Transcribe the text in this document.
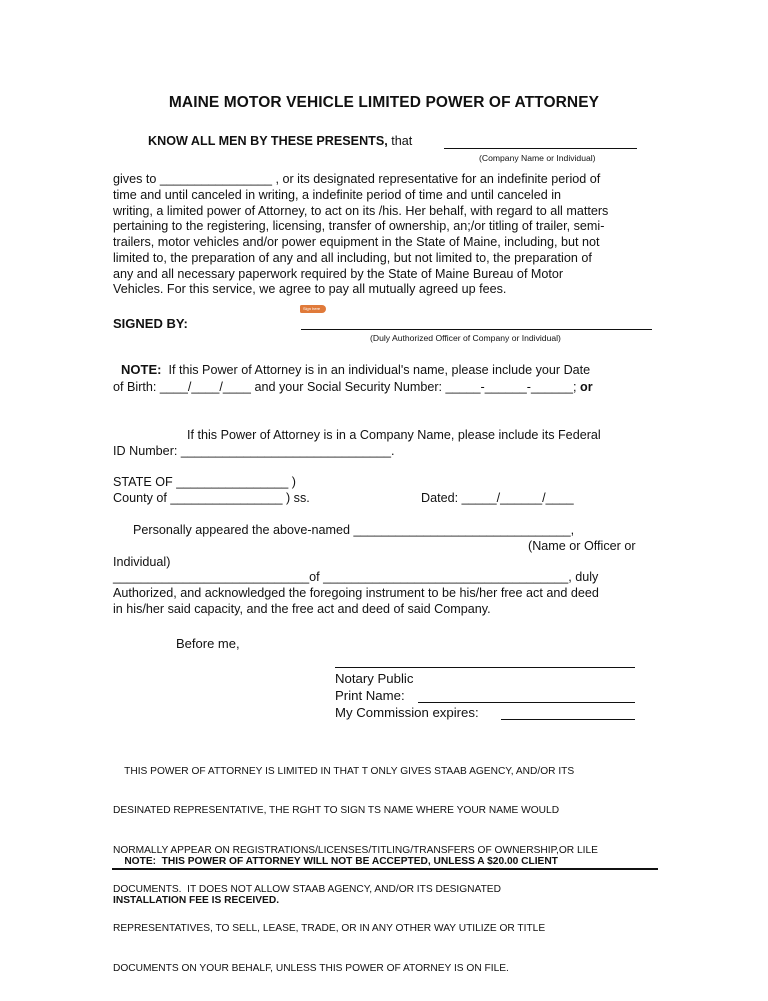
MAINE MOTOR VEHICLE LIMITED POWER OF ATTORNEY
KNOW ALL MEN BY THESE PRESENTS, that
(Company Name or Individual)
gives to ________________ , or its designated representative for an indefinite period of
time and until canceled in writing, a indefinite period of time and until canceled in
writing, a limited power of Attorney, to act on its /his. Her behalf, with regard to all matters
pertaining to the registering, licensing, transfer of ownership, an;/or titling of trailer, semi-
trailers, motor vehicles and/or power equipment in the State of Maine, including, but not
limited to, the preparation of any and all including, but not limited to, the preparation of
any and all necessary paperwork required by the State of Maine Bureau of Motor
Vehicles. For this service, we agree to pay all mutually agreed up fees.
SIGNED BY:
Sign here
(Duly Authorized Officer of Company or Individual)
NOTE: If this Power of Attorney is in an individual's name, please include your Date
of Birth: ____/____/____ and your Social Security Number: _____-______-______; or
If this Power of Attorney is in a Company Name, please include its Federal
ID Number: ______________________________.
STATE OF ________________ )
County of ________________ ) ss.	Dated: _____/______/____
Personally appeared the above-named _______________________________,
(Name or Officer or
Individual)
____________________________of ___________________________________, duly
Authorized, and acknowledged the foregoing instrument to be his/her free act and deed
in his/her said capacity, and the free act and deed of said Company.
Before me,
Notary Public
Print Name:
My Commission expires:

THIS POWER OF ATTORNEY IS LIMITED IN THAT T ONLY GIVES STAAB AGENCY, AND/OR ITS

DESINATED REPRESENTATIVE, THE RGHT TO SIGN TS NAME WHERE YOUR NAME WOULD

NORMALLY APPEAR ON REGISTRATIONS/LICENSES/TITLING/TRANSFERS OF OWNERSHIP,OR LILE

DOCUMENTS.  IT DOES NOT ALLOW STAAB AGENCY, AND/OR ITS DESIGNATED

REPRESENTATIVES, TO SELL, LEASE, TRADE, OR IN ANY OTHER WAY UTILIZE OR TITLE

DOCUMENTS ON YOUR BEHALF, UNLESS THIS POWER OF ATORNEY IS ON FILE.

NOTE:  THIS POWER OF ATTORNEY WILL NOT BE ACCEPTED, UNLESS A $20.00 CLIENT

INSTALLATION FEE IS RECEIVED.
